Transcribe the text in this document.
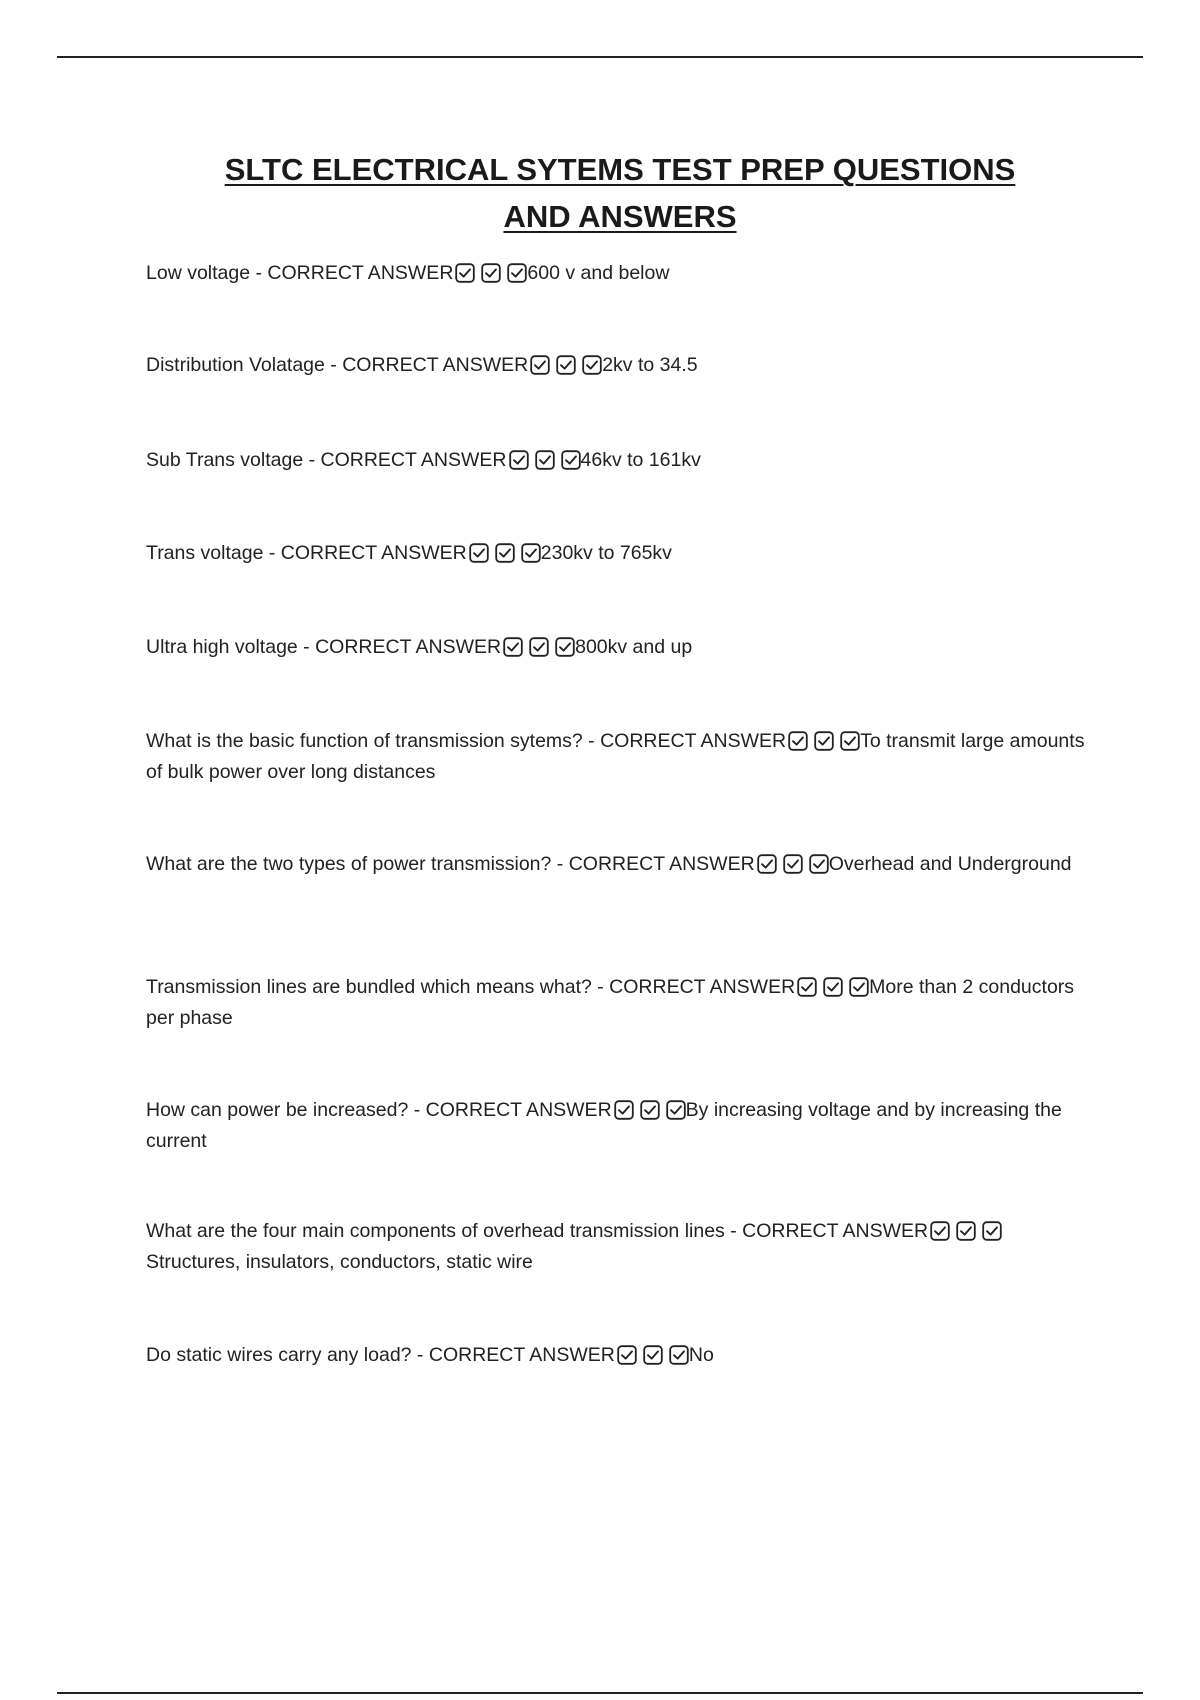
SLTC ELECTRICAL SYTEMS TEST PREP QUESTIONS AND ANSWERS
Low voltage - CORRECT ANSWER	600 v and below
Distribution Volatage - CORRECT ANSWER	2kv to 34.5
Sub Trans voltage - CORRECT ANSWER	46kv to 161kv
Trans voltage - CORRECT ANSWER	230kv to 765kv
Ultra high voltage - CORRECT ANSWER	800kv and up
What is the basic function of transmission sytems? - CORRECT ANSWER	To transmit large amounts of bulk power over long distances
What are the two types of power transmission? - CORRECT ANSWER	Overhead and Underground
Transmission lines are bundled which means what? - CORRECT ANSWER	More than 2 conductors per phase
How can power be increased? - CORRECT ANSWER	By increasing voltage and by increasing the current
What are the four main components of overhead transmission lines - CORRECT ANSWER
Structures, insulators, conductors, static wire
Do static wires carry any load? - CORRECT ANSWER	No
